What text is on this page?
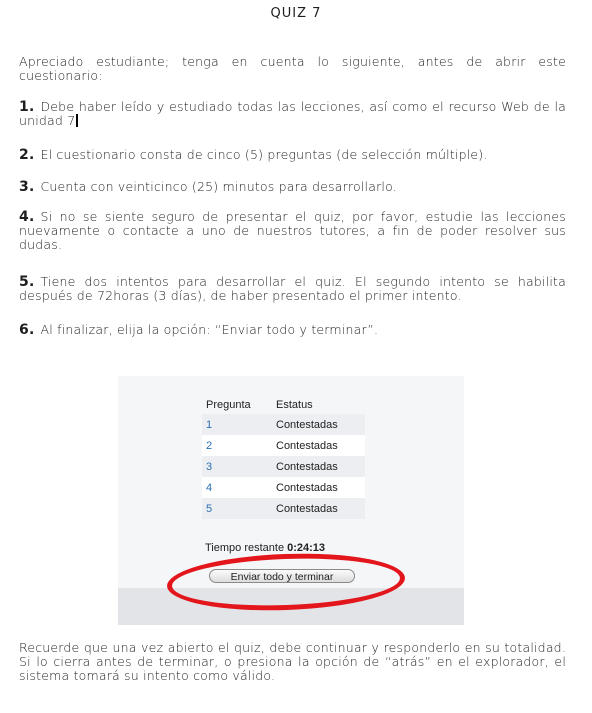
QUIZ 7
Apreciado estudiante; tenga en cuenta lo siguiente, antes de abrir este cuestionario:
1. Debe haber leído y estudiado todas las lecciones, así como el recurso Web de la unidad 7
2. El cuestionario consta de cinco (5) preguntas (de selección múltiple).
3. Cuenta con veinticinco (25) minutos para desarrollarlo.
4. Si no se siente seguro de presentar el quiz, por favor, estudie las lecciones nuevamente o contacte a uno de nuestros tutores, a fin de poder resolver sus dudas.
5. Tiene dos intentos para desarrollar el quiz. El segundo intento se habilita después de 72horas (3 días), de haber presentado el primer intento.
6. Al finalizar, elija la opción: “Enviar todo y terminar”.
Pregunta	Estatus
1	Contestadas
2	Contestadas
3	Contestadas
4	Contestadas
5	Contestadas
Tiempo restante 0:24:13
Enviar todo y terminar
Recuerde que una vez abierto el quiz, debe continuar y responderlo en su totalidad. Si lo cierra antes de terminar, o presiona la opción de “atrás” en el explorador, el sistema tomará su intento como válido.
